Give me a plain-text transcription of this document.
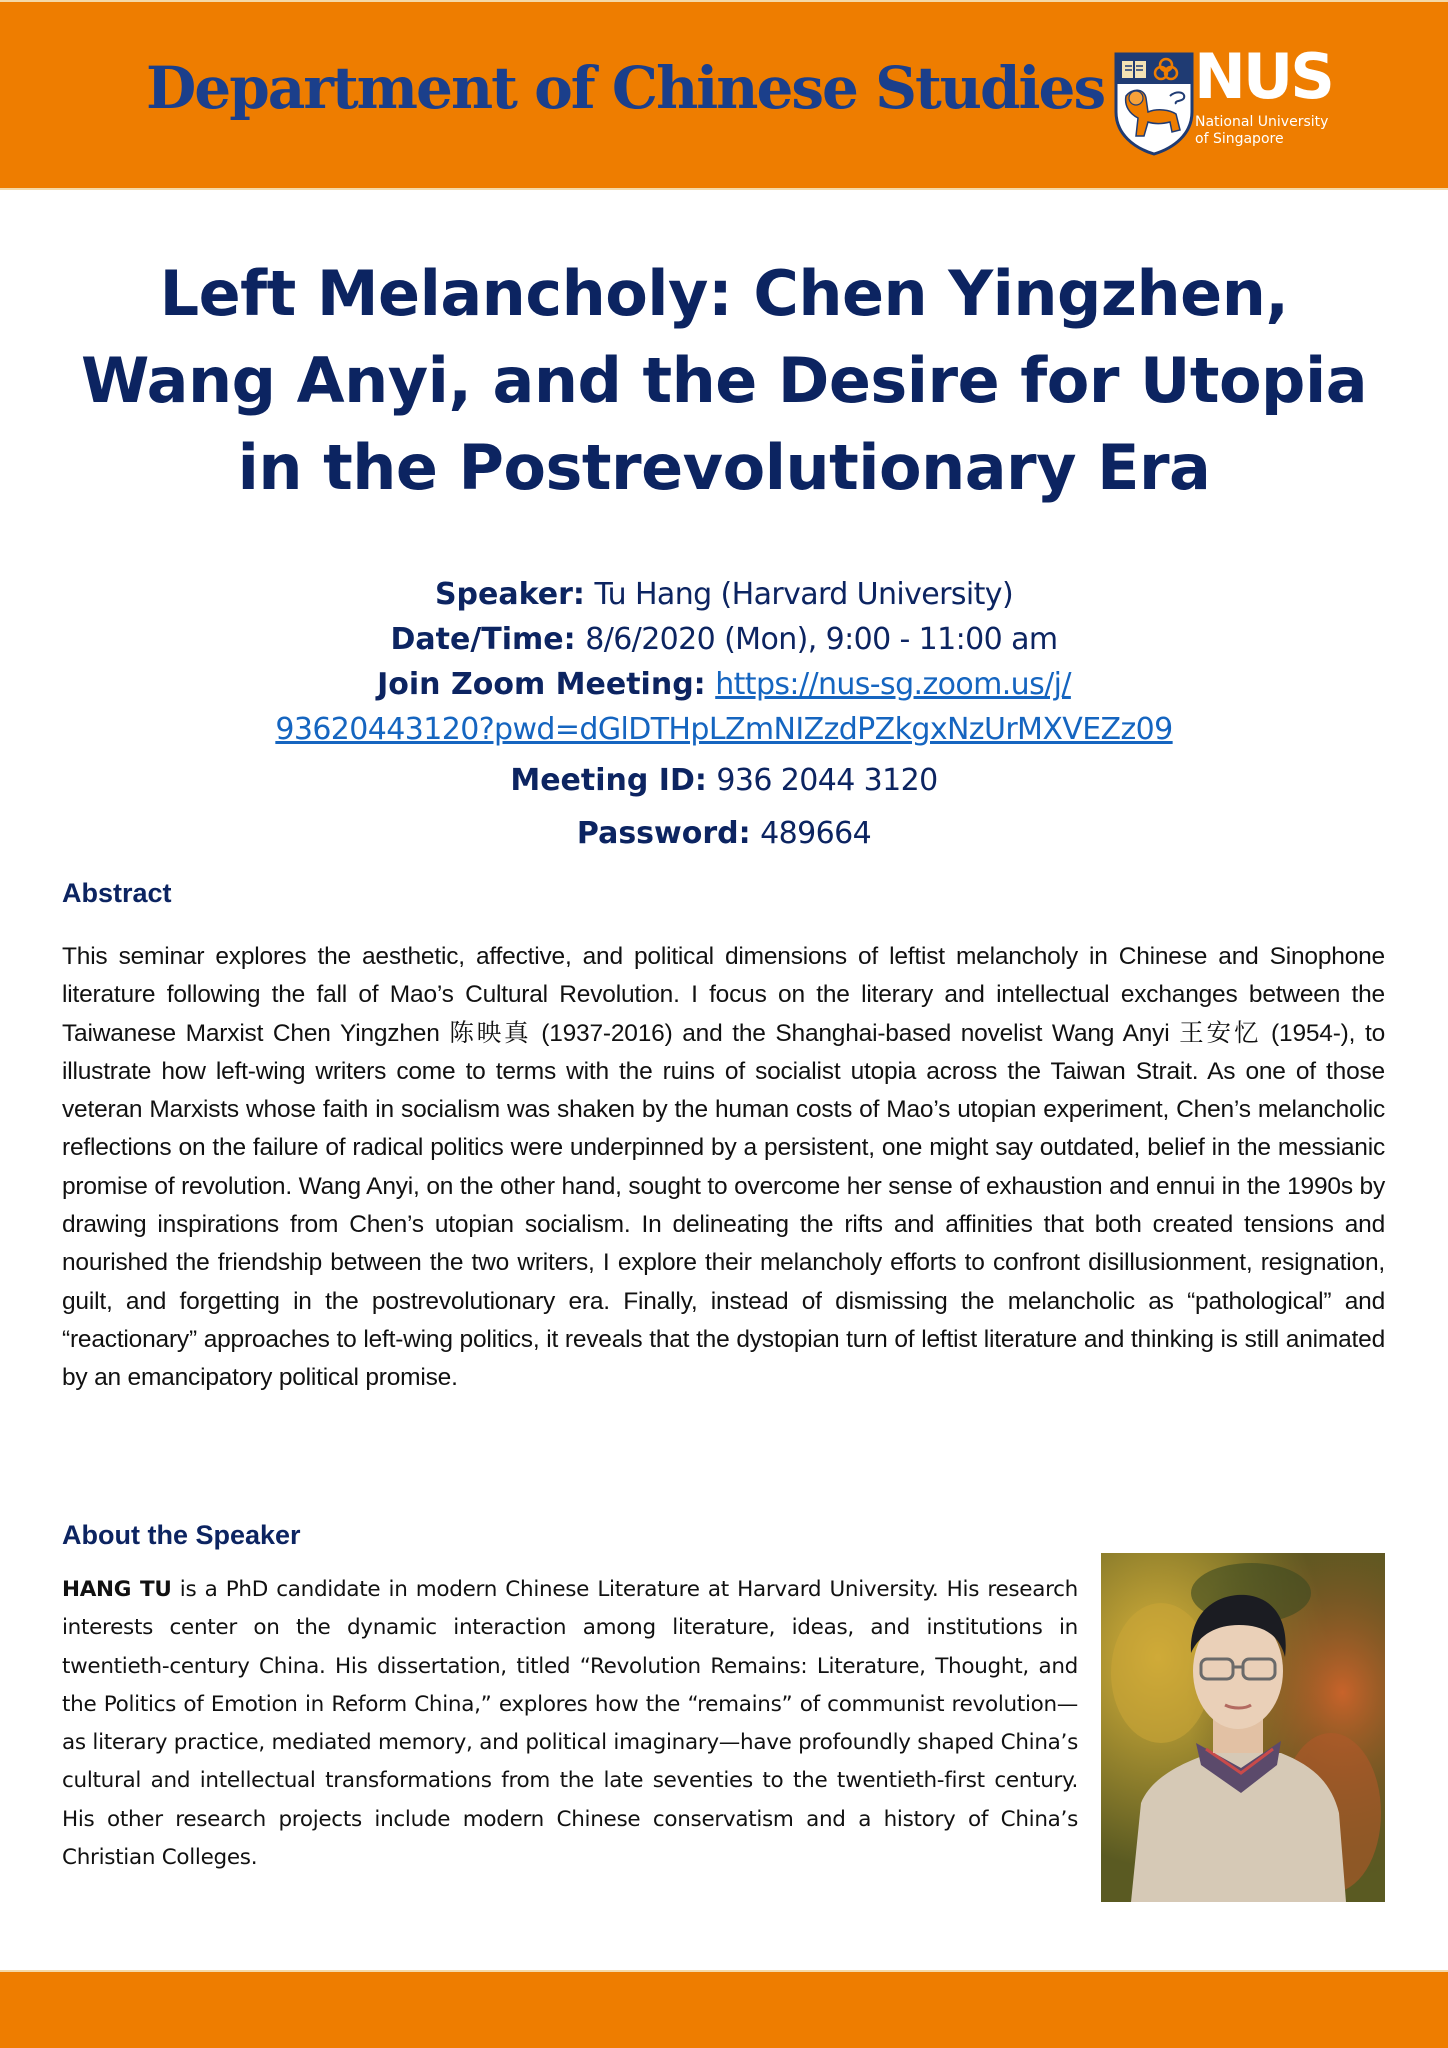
Department of Chinese Studies NUS
National University
of Singapore
Left Melancholy: Chen Yingzhen,
Wang Anyi, and the Desire for Utopia
in the Postrevolutionary Era
Speaker: Tu Hang (Harvard University)
Date/Time: 8/6/2020 (Mon), 9:00 - 11:00 am
Join Zoom Meeting: https://nus-sg.zoom.us/j/
93620443120?pwd=dGlDTHpLZmNIZzdPZkgxNzUrMXVEZz09
Meeting ID: 936 2044 3120
Password: 489664
Abstract
This seminar explores the aesthetic, affective, and political dimensions of leftist melancholy in Chinese and Sinophone literature following the fall of Mao’s Cultural Revolution. I focus on the literary and intellectual exchanges between the Taiwanese Marxist Chen Yingzhen 陈映真 (1937-2016) and the Shanghai-based novelist Wang Anyi 王安忆 (1954-), to illustrate how left-wing writers come to terms with the ruins of socialist utopia across the Taiwan Strait. As one of those veteran Marxists whose faith in socialism was shaken by the human costs of Mao’s utopian experiment, Chen’s melancholic reflections on the failure of radical politics were underpinned by a persistent, one might say outdated, belief in the messianic promise of revolution. Wang Anyi, on the other hand, sought to overcome her sense of exhaustion and ennui in the 1990s by drawing inspirations from Chen’s utopian socialism. In delineating the rifts and affinities that both created tensions and nourished the friendship between the two writers, I explore their melancholy efforts to confront disillusionment, resignation, guilt, and forgetting in the postrevolutionary era. Finally, instead of dismissing the melancholic as “pathological” and “reactionary” approaches to left-wing politics, it reveals that the dystopian turn of leftist literature and thinking is still animated by an emancipatory political promise.
About the Speaker
HANG TU is a PhD candidate in modern Chinese Literature at Harvard University. His research interests center on the dynamic interaction among literature, ideas, and institutions in twentieth-century China. His dissertation, titled “Revolution Remains: Literature, Thought, and the Politics of Emotion in Reform China,” explores how the “remains” of communist revolution—as literary practice, mediated memory, and political imaginary—have profoundly shaped China’s cultural and intellectual transformations from the late seventies to the twentieth-first century. His other research projects include modern Chinese conservatism and a history of China’s Christian Colleges.
